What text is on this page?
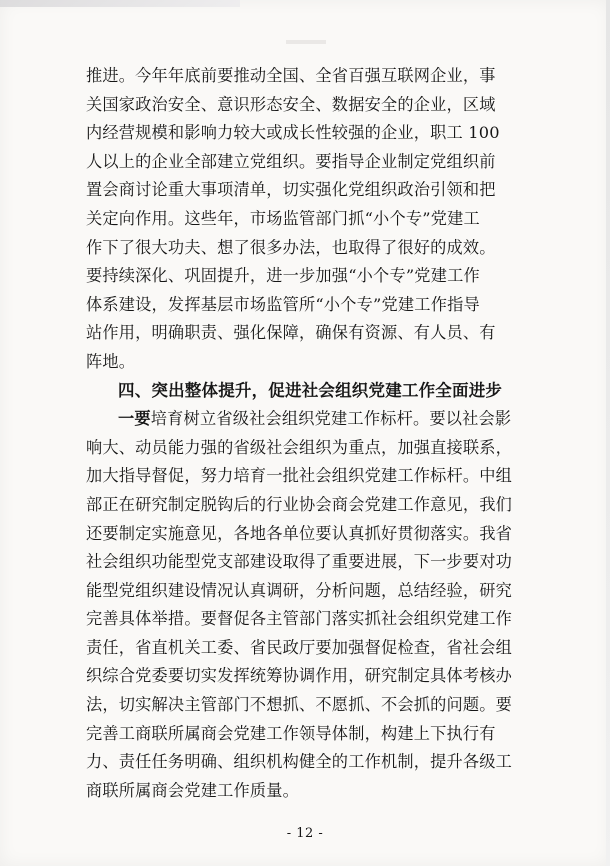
推进。今年年底前要推动全国、全省百强互联网企业，事
关国家政治安全、意识形态安全、数据安全的企业，区域
内经营规模和影响力较大或成长性较强的企业，职工 100
人以上的企业全部建立党组织。要指导企业制定党组织前
置会商讨论重大事项清单，切实强化党组织政治引领和把
关定向作用。这些年，市场监管部门抓“小个专”党建工
作下了很大功夫、想了很多办法，也取得了很好的成效。
要持续深化、巩固提升，进一步加强“小个专”党建工作
体系建设，发挥基层市场监管所“小个专”党建工作指导
站作用，明确职责、强化保障，确保有资源、有人员、有
阵地。
四、突出整体提升，促进社会组织党建工作全面进步
一要培育树立省级社会组织党建工作标杆。要以社会影
响大、动员能力强的省级社会组织为重点，加强直接联系，
加大指导督促，努力培育一批社会组织党建工作标杆。中组
部正在研究制定脱钩后的行业协会商会党建工作意见，我们
还要制定实施意见，各地各单位要认真抓好贯彻落实。我省
社会组织功能型党支部建设取得了重要进展，下一步要对功
能型党组织建设情况认真调研，分析问题，总结经验，研究
完善具体举措。要督促各主管部门落实抓社会组织党建工作
责任，省直机关工委、省民政厅要加强督促检查，省社会组
织综合党委要切实发挥统筹协调作用，研究制定具体考核办
法，切实解决主管部门不想抓、不愿抓、不会抓的问题。要
完善工商联所属商会党建工作领导体制，构建上下执行有
力、责任任务明确、组织机构健全的工作机制，提升各级工
商联所属商会党建工作质量。
- 12 -
